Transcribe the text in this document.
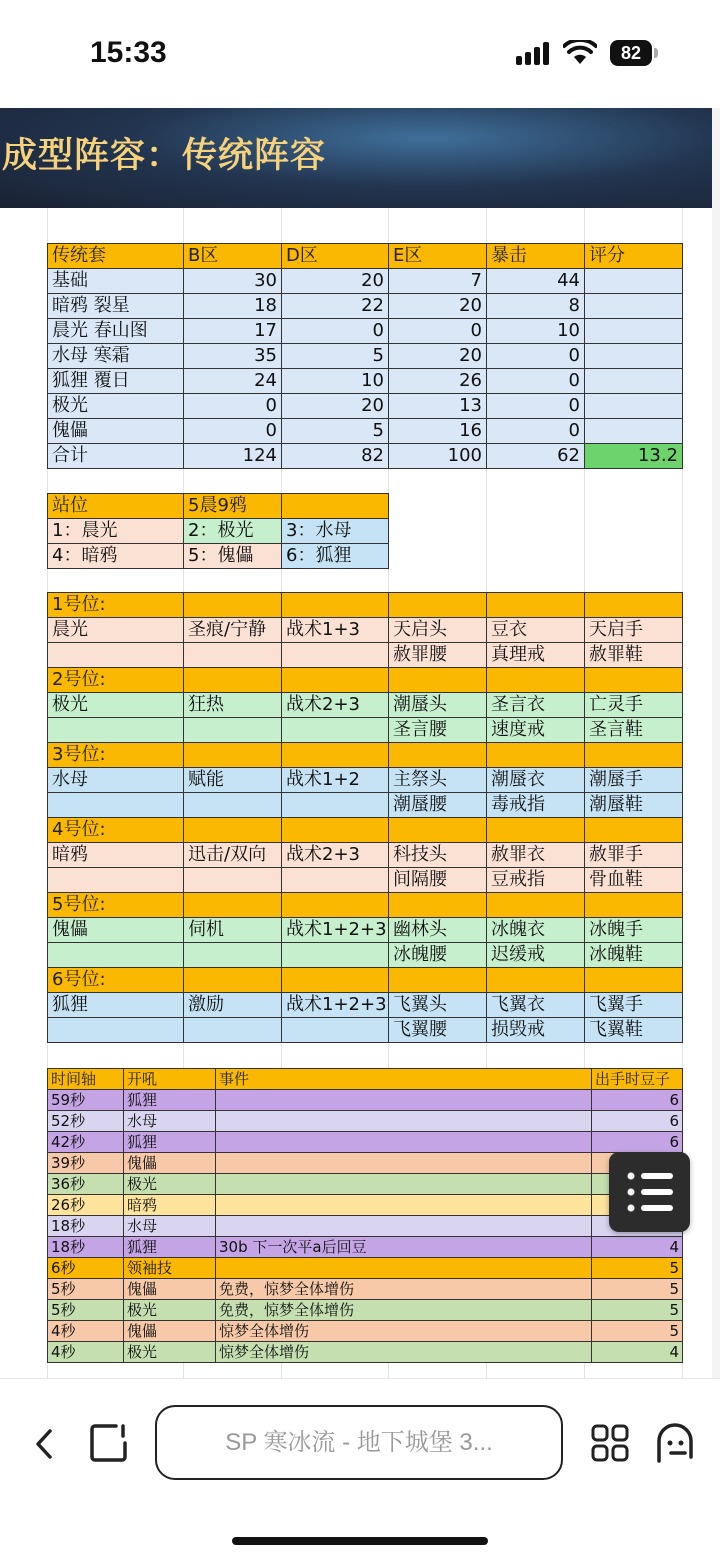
15:33	82
成型阵容：传统阵容
传统套	B区	D区	E区	暴击	评分
基础	30	20	7	44	
暗鸦 裂星	18	22	20	8	
晨光 春山图	17	0	0	10	
水母 寒霜	35	5	20	0	
狐狸 覆日	24	10	26	0	
极光	0	20	13	0	
傀儡	0	5	16	0	
合计	124	82	100	62	13.2
站位	5晨9鸦	
1：晨光	2：极光	3：水母
4：暗鸦	5：傀儡	6：狐狸
1号位:					
晨光	圣痕/宁静	战术1+3	天启头	豆衣	天启手
			赦罪腰	真理戒	赦罪鞋
2号位:					
极光	狂热	战术2+3	潮蜃头	圣言衣	亡灵手
			圣言腰	速度戒	圣言鞋
3号位:					
水母	赋能	战术1+2	主祭头	潮蜃衣	潮蜃手
			潮蜃腰	毒戒指	潮蜃鞋
4号位:					
暗鸦	迅击/双向	战术2+3	科技头	赦罪衣	赦罪手
			间隔腰	豆戒指	骨血鞋
5号位:					
傀儡	伺机	战术1+2+3	幽林头	冰魄衣	冰魄手
			冰魄腰	迟缓戒	冰魄鞋
6号位:					
狐狸	激励	战术1+2+3	飞翼头	飞翼衣	飞翼手
			飞翼腰	损毁戒	飞翼鞋
时间轴	开吼	事件	出手时豆子
59秒	狐狸		6
52秒	水母		6
42秒	狐狸		6
39秒	傀儡		
36秒	极光		
26秒	暗鸦		
18秒	水母		
18秒	狐狸	30b 下一次平a后回豆	4
6秒	领袖技		5
5秒	傀儡	免费，惊梦全体增伤	5
5秒	极光	免费，惊梦全体增伤	5
4秒	傀儡	惊梦全体增伤	5
4秒	极光	惊梦全体增伤	4
SP 寒冰流 - 地下城堡 3...
